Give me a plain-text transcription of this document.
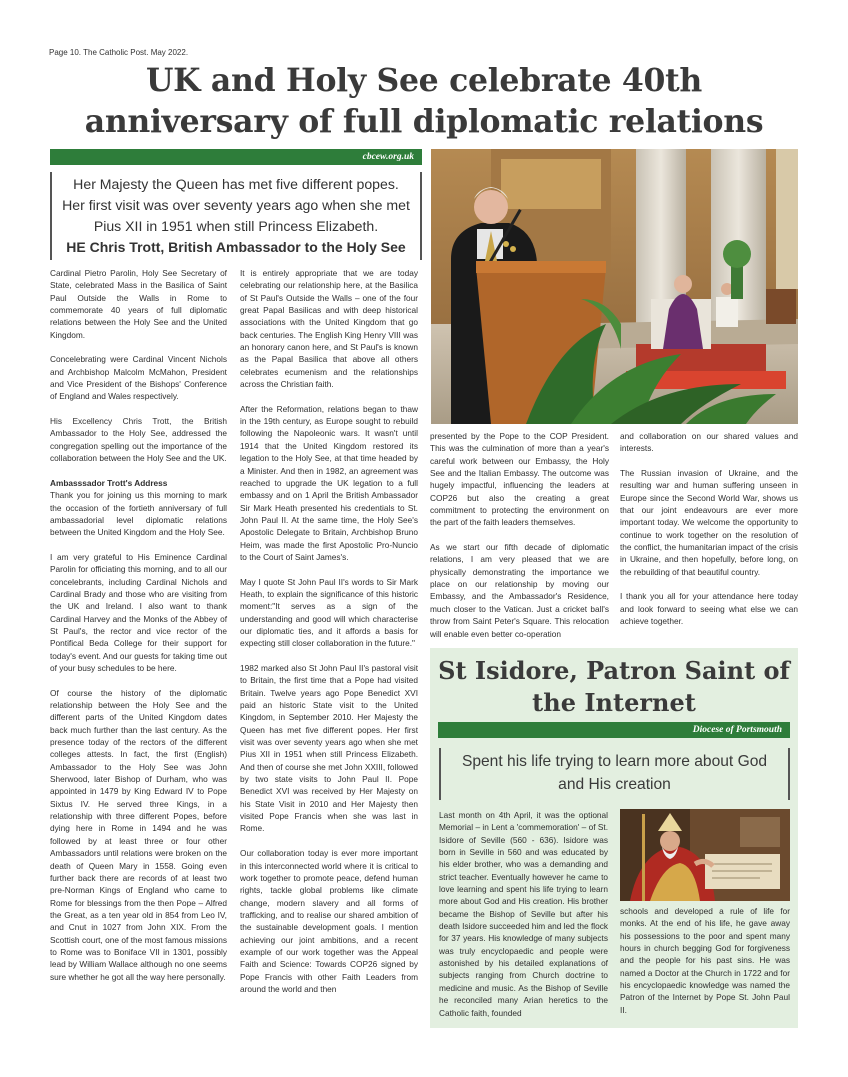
Page 10. The Catholic Post. May 2022.
UK and Holy See celebrate 40th anniversary of full diplomatic relations
cbcew.org.uk

Her Majesty the Queen has met five different popes. Her first visit was over seventy years ago when she met Pius XII in 1951 when still Princess Elizabeth.

HE Chris Trott, British Ambassador to the Holy See

Cardinal Pietro Parolin, Holy See Secretary of State, celebrated Mass in the Basilica of Saint Paul Outside the Walls in Rome to commemorate 40 years of full diplomatic relations between the Holy See and the United Kingdom.

Concelebrating were Cardinal Vincent Nichols and Archbishop Malcolm McMahon, President and Vice President of the Bishops' Conference of England and Wales respectively.

His Excellency Chris Trott, the British Ambassador to the Holy See, addressed the congregation spelling out the importance of the collaboration between the Holy See and the UK.

Ambasssador Trott's Address

Thank you for joining us this morning to mark the occasion of the fortieth anniversary of full ambassadorial level diplomatic relations between the United Kingdom and the Holy See.

I am very grateful to His Eminence Cardinal Parolin for officiating this morning, and to all our concelebrants, including Cardinal Nichols and Cardinal Brady and those who are visiting from the UK and Ireland. I also want to thank Cardinal Harvey and the Monks of the Abbey of St Paul's, the rector and vice rector of the Pontifical Beda College for their support for today's event. And our guests for taking time out of your busy schedules to be here.

Of course the history of the diplomatic relationship between the Holy See and the different parts of the United Kingdom dates back much further than the last century. As the presence today of the rectors of the different colleges attests. In fact, the first (English) Ambassador to the Holy See was John Sherwood, later Bishop of Durham, who was appointed in 1479 by King Edward IV to Pope Sixtus IV. He served three Kings, in a relationship with three different Popes, before dying here in Rome in 1494 and he was followed by at least three or four other Ambassadors until relations were broken on the death of Queen Mary in 1558. Going even further back there are records of at least two pre-Norman Kings of England who came to Rome for blessings from the then Pope – Alfred the Great, as a ten year old in 854 from Leo IV, and Cnut in 1027 from John XIX. From the Scottish court, one of the most famous missions to Rome was to Boniface VII in 1301, possibly lead by William Wallace although no one seems sure whether he got all the way here personally.

It is entirely appropriate that we are today celebrating our relationship here, at the Basilica of St Paul's Outside the Walls – one of the four great Papal Basilicas and with deep historical associations with the United Kingdom that go back centuries. The English King Henry VIII was an honorary canon here, and St Paul's is known as the Papal Basilica that above all others celebrates ecumenism and the relationships across the Christian faith.

After the Reformation, relations began to thaw in the 19th century, as Europe sought to rebuild following the Napoleonic wars. It wasn't until 1914 that the United Kingdom restored its legation to the Holy See, at that time headed by a Minister. And then in 1982, an agreement was reached to upgrade the UK legation to a full embassy and on 1 April the British Ambassador Sir Mark Heath presented his credentials to St. John Paul II. At the same time, the Holy See's Apostolic Delegate to Britain, Archbishop Bruno Heim, was made the first Apostolic Pro-Nuncio to the Court of Saint James's.

May I quote St John Paul II's words to Sir Mark Heath, to explain the significance of this historic moment:"It serves as a sign of the understanding and good will which characterise our diplomatic ties, and it affords a basis for expecting still closer collaboration in the future."

1982 marked also St John Paul II's pastoral visit to Britain, the first time that a Pope had visited Britain. Twelve years ago Pope Benedict XVI paid an historic State visit to the United Kingdom, in September 2010. Her Majesty the Queen has met five different popes. Her first visit was over seventy years ago when she met Pius XII in 1951 when still Princess Elizabeth. And then of course she met John XXIII, followed by two state visits to John Paul II. Pope Benedict XVI was received by Her Majesty on his State Visit in 2010 and Her Majesty then visited Pope Francis when she was last in Rome.

Our collaboration today is ever more important in this interconnected world where it is critical to work together to promote peace, defend human rights, tackle global problems like climate change, modern slavery and all forms of trafficking, and to realise our shared ambition of the sustainable development goals. I mention achieving our joint ambitions, and a recent example of our work together was the Appeal Faith and Science: Towards COP26 signed by Pope Francis with other Faith Leaders from around the world and then

presented by the Pope to the COP President. This was the culmination of more than a year's careful work between our Embassy, the Holy See and the Italian Embassy. The outcome was hugely impactful, influencing the leaders at COP26 but also the creating a great commitment to protecting the environment on the part of the faith leaders themselves.

As we start our fifth decade of diplomatic relations, I am very pleased that we are physically demonstrating the importance we place on our relationship by moving our Embassy, and the Ambassador's Residence, much closer to the Vatican. Just a cricket ball's throw from Saint Peter's Square. This relocation will enable even better co-operation

and collaboration on our shared values and interests.

The Russian invasion of Ukraine, and the resulting war and human suffering unseen in Europe since the Second World War, shows us that our joint endeavours are ever more important today. We welcome the opportunity to continue to work together on the resolution of the conflict, the humanitarian impact of the crisis in Ukraine, and then hopefully, before long, on the rebuilding of that beautiful country.

I thank you all for your attendance here today and look forward to seeing what else we can achieve together.

St Isidore, Patron Saint of the Internet
Diocese of Portsmouth

Spent his life trying to learn more about God and His creation

Last month on 4th April, it was the optional Memorial – in Lent a 'commemoration' – of St. Isidore of Seville (560 - 636). Isidore was born in Seville in 560 and was educated by his elder brother, who was a demanding and strict teacher. Eventually however he came to love learning and spent his life trying to learn more about God and His creation. His brother became the Bishop of Seville but after his death Isidore succeeded him and led the flock for 37 years. His knowledge of many subjects was truly encyclopaedic and people were astonished by his detailed explanations of subjects ranging from Church doctrine to medicine and music. As the Bishop of Seville he reconciled many Arian heretics to the Catholic faith, founded

schools and developed a rule of life for monks. At the end of his life, he gave away his possessions to the poor and spent many hours in church begging God for forgiveness and the people for his past sins. He was named a Doctor at the Church in 1722 and for his encyclopaedic knowledge was named the Patron of the Internet by Pope St. John Paul II.
